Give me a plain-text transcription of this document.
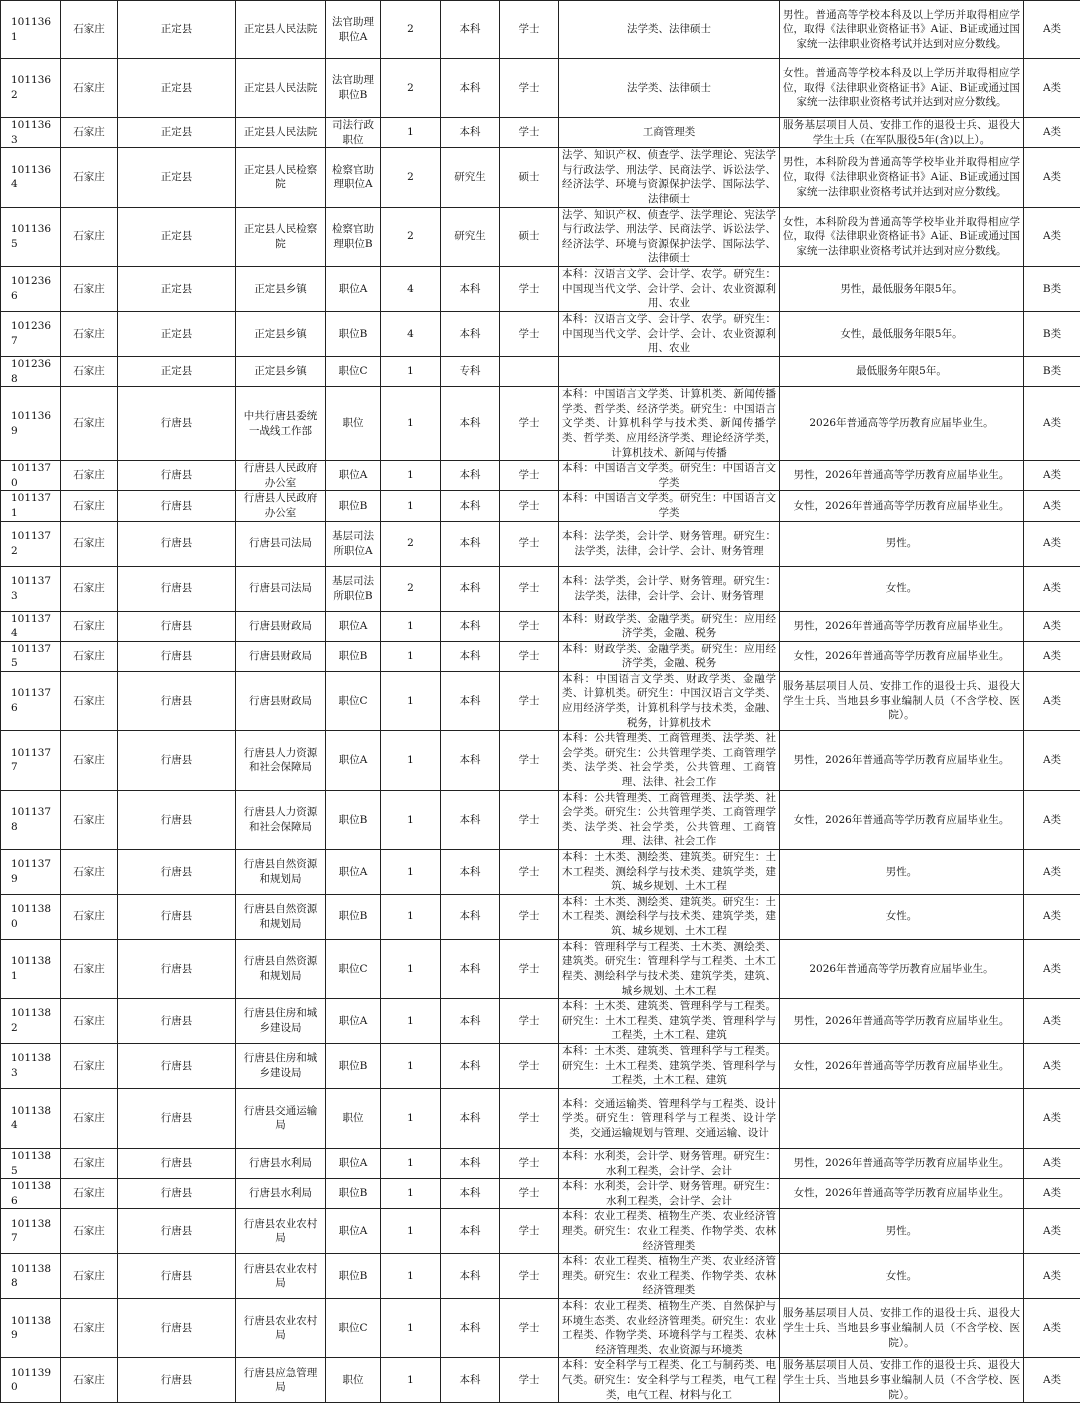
1011361	石家庄	正定县	正定县人民法院	法官助理职位A	2	本科	学士	法学类、法律硕士	男性。普通高等学校本科及以上学历并取得相应学位，取得《法律职业资格证书》A证、B证或通过国家统一法律职业资格考试并达到对应分数线。	A类
1011362	石家庄	正定县	正定县人民法院	法官助理职位B	2	本科	学士	法学类、法律硕士	女性。普通高等学校本科及以上学历并取得相应学位，取得《法律职业资格证书》A证、B证或通过国家统一法律职业资格考试并达到对应分数线。	A类
1011363	石家庄	正定县	正定县人民法院	司法行政职位	1	本科	学士	工商管理类	服务基层项目人员、安排工作的退役士兵、退役大学生士兵（在军队服役5年(含)以上）。	A类
1011364	石家庄	正定县	正定县人民检察院	检察官助理职位A	2	研究生	硕士	法学、知识产权、侦查学、法学理论、宪法学与行政法学、刑法学、民商法学、诉讼法学、经济法学、环境与资源保护法学、国际法学、法律硕士	男性，本科阶段为普通高等学校毕业并取得相应学位，取得《法律职业资格证书》A证、B证或通过国家统一法律职业资格考试并达到对应分数线。	A类
1011365	石家庄	正定县	正定县人民检察院	检察官助理职位B	2	研究生	硕士	法学、知识产权、侦查学、法学理论、宪法学与行政法学、刑法学、民商法学、诉讼法学、经济法学、环境与资源保护法学、国际法学、法律硕士	女性，本科阶段为普通高等学校毕业并取得相应学位，取得《法律职业资格证书》A证、B证或通过国家统一法律职业资格考试并达到对应分数线。	A类
1012366	石家庄	正定县	正定县乡镇	职位A	4	本科	学士	本科：汉语言文学、会计学、农学。研究生：中国现当代文学、会计学、会计、农业资源利用、农业	男性，最低服务年限5年。	B类
1012367	石家庄	正定县	正定县乡镇	职位B	4	本科	学士	本科：汉语言文学、会计学、农学。研究生：中国现当代文学、会计学、会计、农业资源利用、农业	女性，最低服务年限5年。	B类
1012368	石家庄	正定县	正定县乡镇	职位C	1	专科			最低服务年限5年。	B类
1011369	石家庄	行唐县	中共行唐县委统一战线工作部	职位	1	本科	学士	本科：中国语言文学类、计算机类、新闻传播学类、哲学类、经济学类。研究生：中国语言文学类、计算机科学与技术类、新闻传播学类、哲学类、应用经济学类、理论经济学类，计算机技术、新闻与传播	2026年普通高等学历教育应届毕业生。	A类
1011370	石家庄	行唐县	行唐县人民政府办公室	职位A	1	本科	学士	本科：中国语言文学类。研究生：中国语言文学类	男性，2026年普通高等学历教育应届毕业生。	A类
1011371	石家庄	行唐县	行唐县人民政府办公室	职位B	1	本科	学士	本科：中国语言文学类。研究生：中国语言文学类	女性，2026年普通高等学历教育应届毕业生。	A类
1011372	石家庄	行唐县	行唐县司法局	基层司法所职位A	2	本科	学士	本科：法学类，会计学、财务管理。研究生：法学类，法律，会计学、会计、财务管理	男性。	A类
1011373	石家庄	行唐县	行唐县司法局	基层司法所职位B	2	本科	学士	本科：法学类，会计学、财务管理。研究生：法学类，法律，会计学、会计、财务管理	女性。	A类
1011374	石家庄	行唐县	行唐县财政局	职位A	1	本科	学士	本科：财政学类、金融学类。研究生：应用经济学类，金融、税务	男性，2026年普通高等学历教育应届毕业生。	A类
1011375	石家庄	行唐县	行唐县财政局	职位B	1	本科	学士	本科：财政学类、金融学类。研究生：应用经济学类，金融、税务	女性，2026年普通高等学历教育应届毕业生。	A类
1011376	石家庄	行唐县	行唐县财政局	职位C	1	本科	学士	本科：中国语言文学类、财政学类、金融学类、计算机类。研究生：中国汉语言文学类、应用经济学类，计算机科学与技术类，金融、税务，计算机技术	服务基层项目人员、安排工作的退役士兵、退役大学生士兵、当地县乡事业编制人员（不含学校、医院）。	A类
1011377	石家庄	行唐县	行唐县人力资源和社会保障局	职位A	1	本科	学士	本科：公共管理类、工商管理类、法学类、社会学类。研究生：公共管理学类、工商管理学类、法学类、社会学类，公共管理、工商管理、法律、社会工作	男性，2026年普通高等学历教育应届毕业生。	A类
1011378	石家庄	行唐县	行唐县人力资源和社会保障局	职位B	1	本科	学士	本科：公共管理类、工商管理类、法学类、社会学类。研究生：公共管理学类、工商管理学类、法学类、社会学类，公共管理、工商管理、法律、社会工作	女性，2026年普通高等学历教育应届毕业生。	A类
1011379	石家庄	行唐县	行唐县自然资源和规划局	职位A	1	本科	学士	本科：土木类、测绘类、建筑类。研究生：土木工程类、测绘科学与技术类、建筑学类，建筑、城乡规划、土木工程	男性。	A类
1011380	石家庄	行唐县	行唐县自然资源和规划局	职位B	1	本科	学士	本科：土木类、测绘类、建筑类。研究生：土木工程类、测绘科学与技术类、建筑学类，建筑、城乡规划、土木工程	女性。	A类
1011381	石家庄	行唐县	行唐县自然资源和规划局	职位C	1	本科	学士	本科：管理科学与工程类、土木类、测绘类、建筑类。研究生：管理科学与工程类、土木工程类、测绘科学与技术类、建筑学类，建筑、城乡规划、土木工程	2026年普通高等学历教育应届毕业生。	A类
1011382	石家庄	行唐县	行唐县住房和城乡建设局	职位A	1	本科	学士	本科：土木类、建筑类、管理科学与工程类。研究生：土木工程类、建筑学类、管理科学与工程类，土木工程、建筑	男性，2026年普通高等学历教育应届毕业生。	A类
1011383	石家庄	行唐县	行唐县住房和城乡建设局	职位B	1	本科	学士	本科：土木类、建筑类、管理科学与工程类。研究生：土木工程类、建筑学类、管理科学与工程类，土木工程、建筑	女性，2026年普通高等学历教育应届毕业生。	A类
1011384	石家庄	行唐县	行唐县交通运输局	职位	1	本科	学士	本科：交通运输类、管理科学与工程类、设计学类。研究生：管理科学与工程类、设计学类，交通运输规划与管理、交通运输、设计		A类
1011385	石家庄	行唐县	行唐县水利局	职位A	1	本科	学士	本科：水利类，会计学、财务管理。研究生：水利工程类，会计学、会计	男性，2026年普通高等学历教育应届毕业生。	A类
1011386	石家庄	行唐县	行唐县水利局	职位B	1	本科	学士	本科：水利类，会计学、财务管理。研究生：水利工程类，会计学、会计	女性，2026年普通高等学历教育应届毕业生。	A类
1011387	石家庄	行唐县	行唐县农业农村局	职位A	1	本科	学士	本科：农业工程类、植物生产类、农业经济管理类。研究生：农业工程类、作物学类、农林经济管理类	男性。	A类
1011388	石家庄	行唐县	行唐县农业农村局	职位B	1	本科	学士	本科：农业工程类、植物生产类、农业经济管理类。研究生：农业工程类、作物学类、农林经济管理类	女性。	A类
1011389	石家庄	行唐县	行唐县农业农村局	职位C	1	本科	学士	本科：农业工程类、植物生产类、自然保护与环境生态类、农业经济管理类。研究生：农业工程类、作物学类、环境科学与工程类、农林经济管理类、农业资源与环境类	服务基层项目人员、安排工作的退役士兵、退役大学生士兵、当地县乡事业编制人员（不含学校、医院）。	A类
1011390	石家庄	行唐县	行唐县应急管理局	职位	1	本科	学士	本科：安全科学与工程类、化工与制药类、电气类。研究生：安全科学与工程类，电气工程类，电气工程、材料与化工	服务基层项目人员、安排工作的退役士兵、退役大学生士兵、当地县乡事业编制人员（不含学校、医院）。	A类
